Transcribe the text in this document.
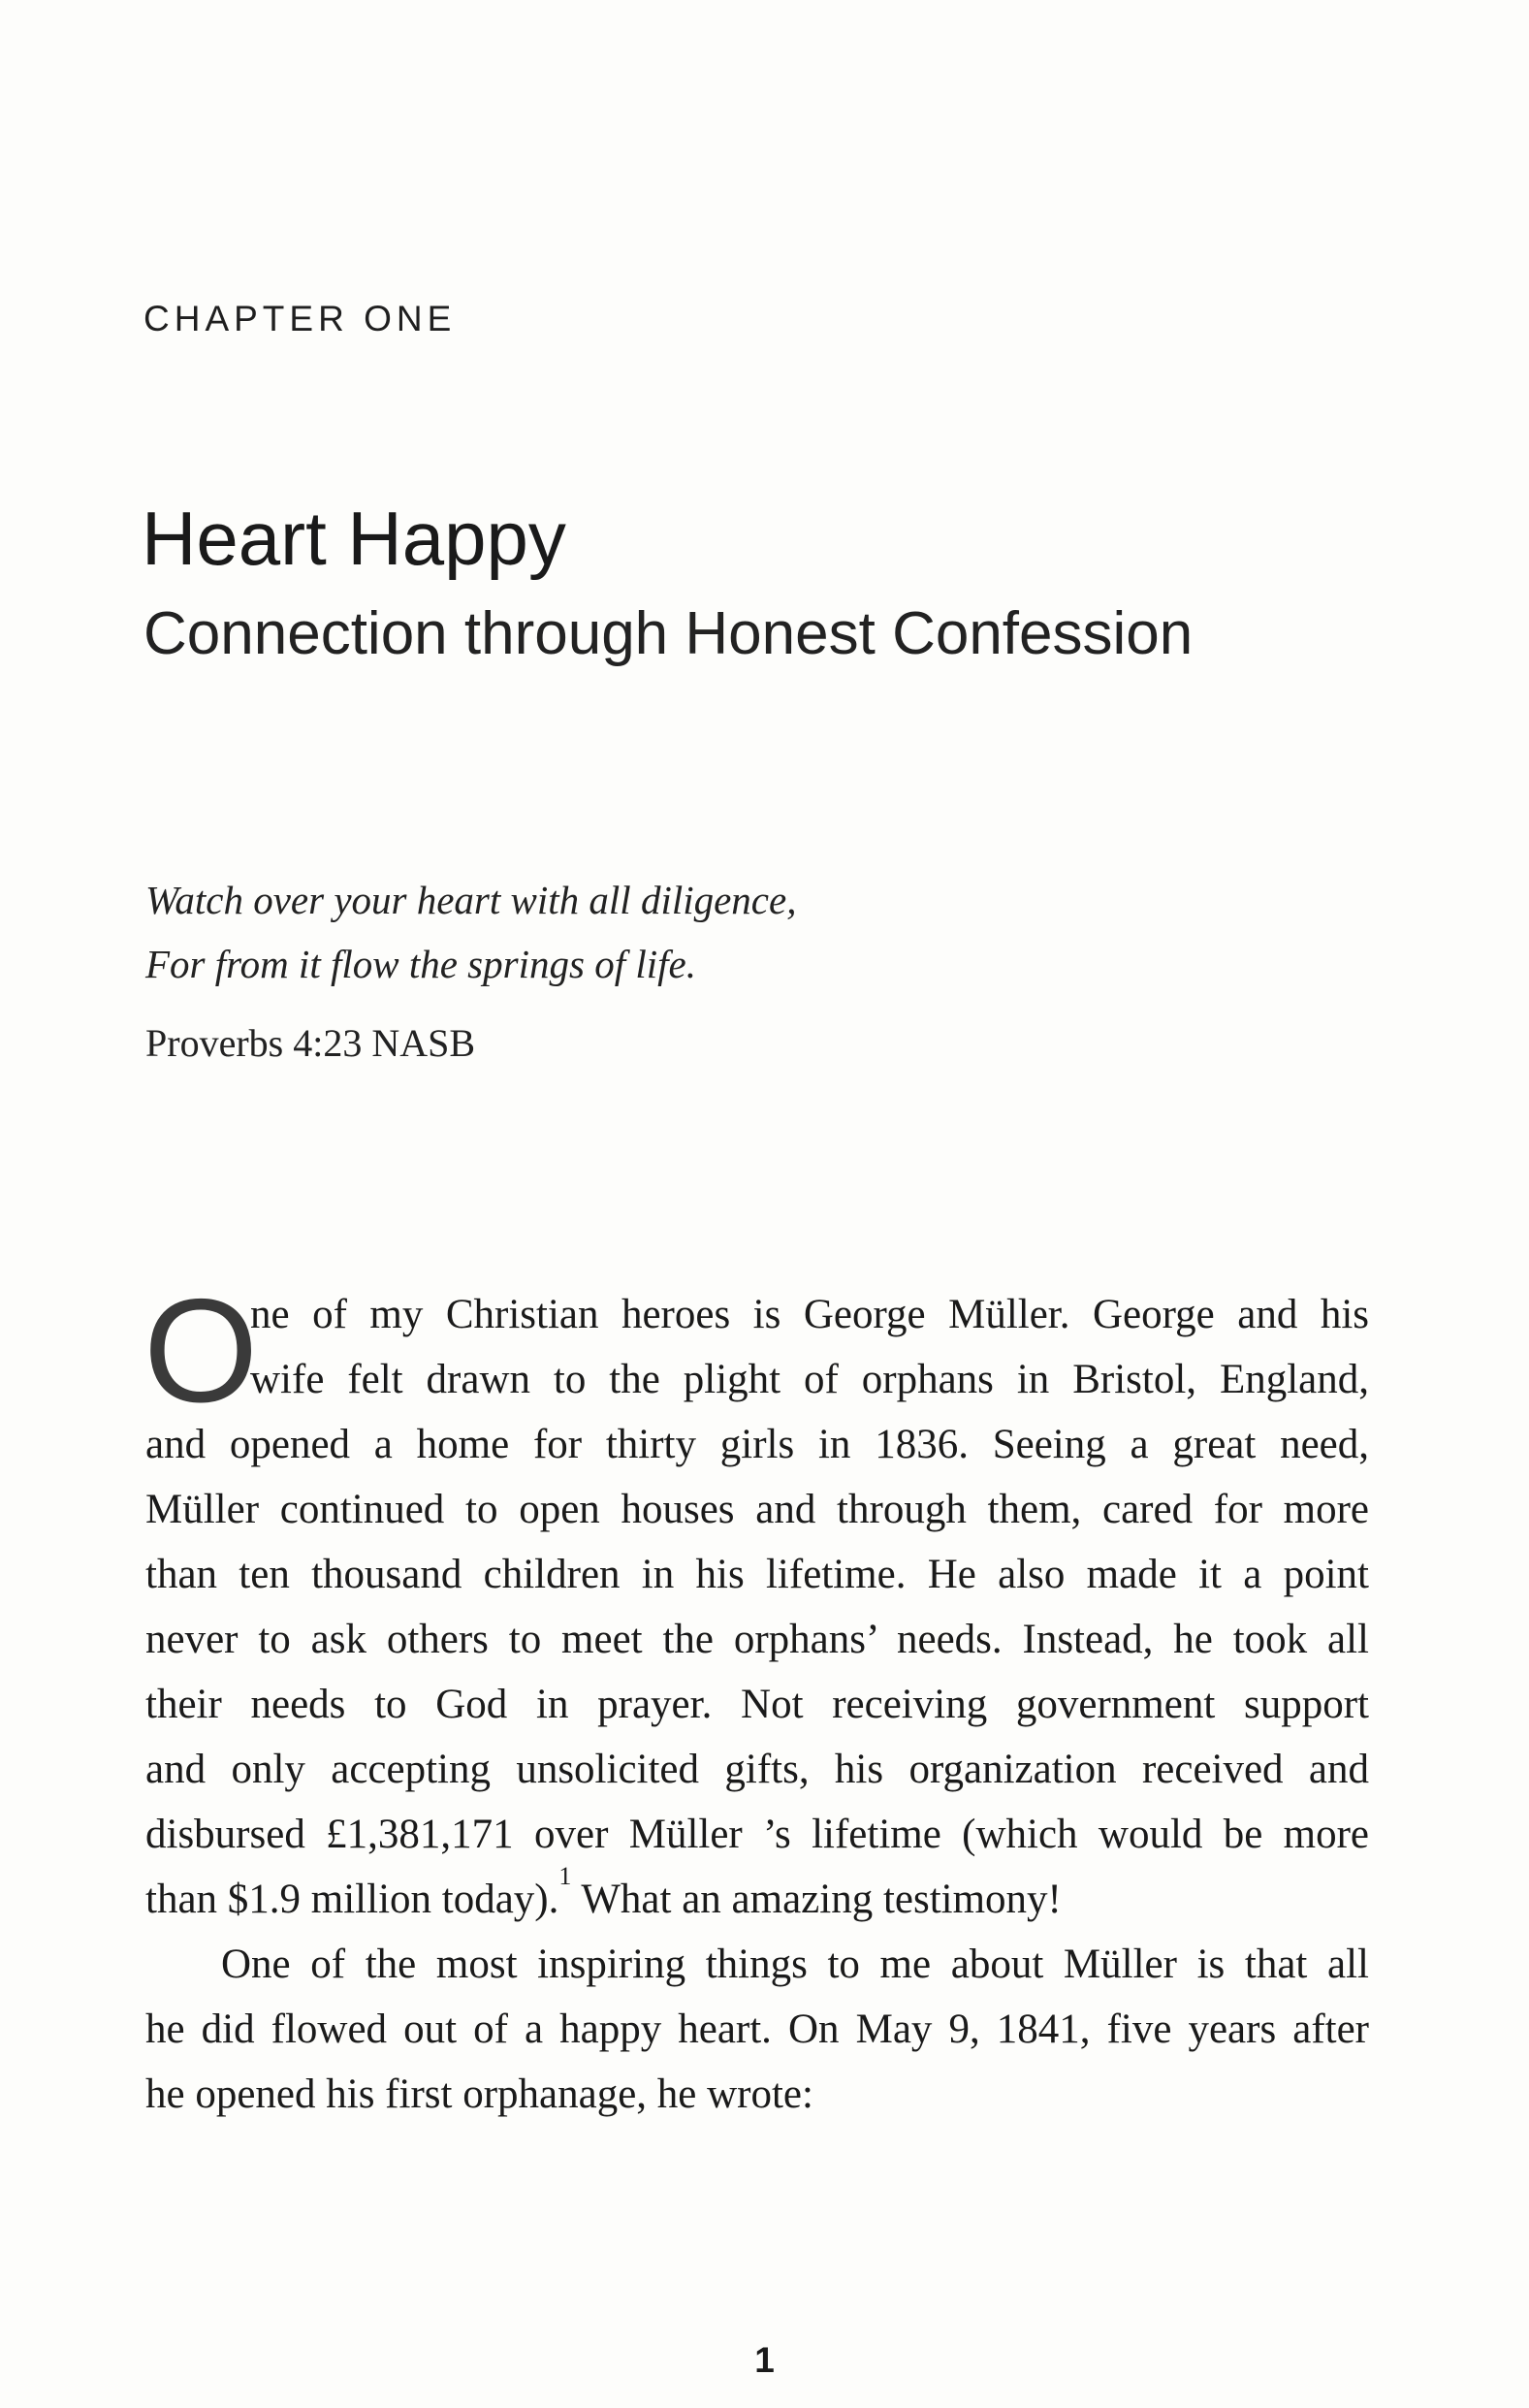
CHAPTER ONE
Heart Happy
Connection through Honest Confession
Watch over your heart with all diligence,
For from it flow the springs of life.
Proverbs 4:23 NASB
O
ne of my Christian heroes is George Müller. George and his
wife felt drawn to the plight of orphans in Bristol, England,
and opened a home for thirty girls in 1836. Seeing a great need,
Müller continued to open houses and through them, cared for more
than ten thousand children in his lifetime. He also made it a point
never to ask others to meet the orphans’ needs. Instead, he took all
their needs to God in prayer. Not receiving government support
and only accepting unsolicited gifts, his organization received and
disbursed £1,381,171 over Müller ’s lifetime (which would be more
than $1.9 million today).$^1$ What an amazing testimony!
One of the most inspiring things to me about Müller is that all
he did flowed out of a happy heart. On May 9, 1841, five years after
he opened his first orphanage, he wrote:
1
